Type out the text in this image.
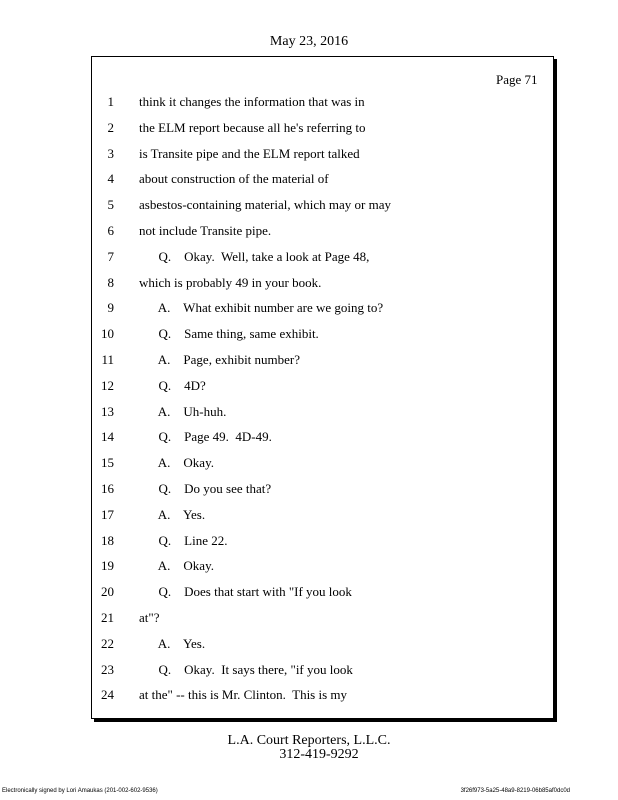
May 23, 2016
Page 71
1 think it changes the information that was in
2 the ELM report because all he's referring to
3 is Transite pipe and the ELM report talked
4 about construction of the material of
5 asbestos-containing material, which may or may
6 not include Transite pipe.
7 Q.    Okay.  Well, take a look at Page 48,
8 which is probably 49 in your book.
9 A.    What exhibit number are we going to?
10 Q.    Same thing, same exhibit.
11 A.    Page, exhibit number?
12 Q.    4D?
13 A.    Uh-huh.
14 Q.    Page 49.  4D-49.
15 A.    Okay.
16 Q.    Do you see that?
17 A.    Yes.
18 Q.    Line 22.
19 A.    Okay.
20 Q.    Does that start with "If you look
21 at"?
22 A.    Yes.
23 Q.    Okay.  It says there, "if you look
24 at the" -- this is Mr. Clinton.  This is my
L.A. Court Reporters, L.L.C.
312-419-9292
Electronically signed by Lori Amaukas (201-002-602-9536)	3f26f973-5a25-48a9-8219-06b85af0dc0d
